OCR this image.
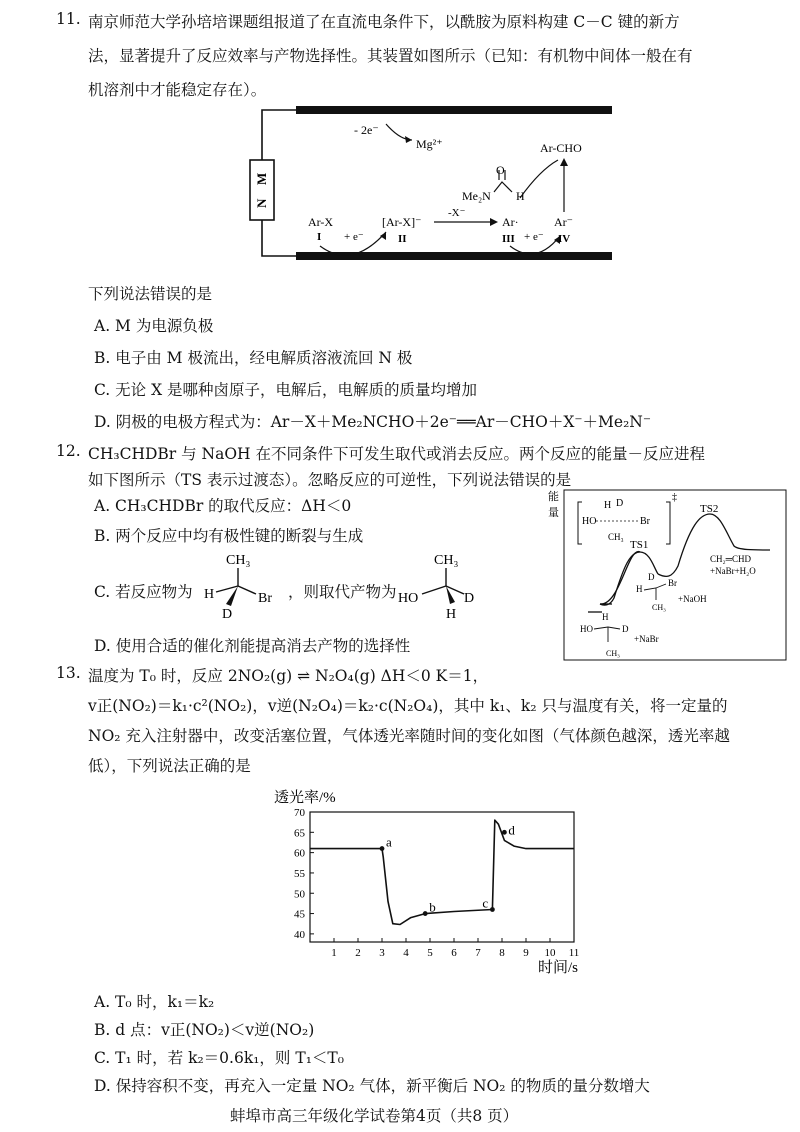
11. 南京师范大学孙培培课题组报道了在直流电条件下，以酰胺为原料构建 C－C 键的新方
法，显著提升了反应效率与产物选择性。其装置如图所示（已知：有机物中间体一般在有
机溶剂中才能稳定存在）。
M
N
- 2e⁻
Mg²⁺
Ar-X
I + e⁻
[Ar-X]⁻
II
-X⁻
Ar·
III + e⁻
Ar⁻
IV
Ar-CHO
Me₂N
O
H
下列说法错误的是
A. M 为电源负极
B. 电子由 M 极流出，经电解质溶液流回 N 极
C. 无论 X 是哪种卤原子，电解后，电解质的质量均增加
D. 阴极的电极方程式为：Ar－X＋Me₂NCHO＋2e⁻══Ar－CHO＋X⁻＋Me₂N⁻
12. CH₃CHDBr 与 NaOH 在不同条件下可发生取代或消去反应。两个反应的能量－反应进程
如下图所示（TS 表示过渡态）。忽略反应的可逆性，下列说法错误的是
A. CH₃CHDBr 的取代反应：ΔH＜0
B. 两个反应中均有极性键的断裂与生成
C. 若反应物为
CH₃
H
D
Br ，则取代产物为
CH₃
HO	D
H
D. 使用合适的催化剂能提高消去产物的选择性
能
量
HO
H D
Br
CH₃
‡
TS1
TS2
CH₂═CHD
+NaBr+H₂O
H
D
Br
CH₃
+NaOH
HO
H
D
CH₃
+NaBr
13. 温度为 T₀ 时，反应 2NO₂(g) ⇌ N₂O₄(g) ΔH＜0 K＝1，
v正(NO₂)＝k₁·c²(NO₂)，v逆(N₂O₄)＝k₂·c(N₂O₄)，其中 k₁、k₂ 只与温度有关，将一定量的
NO₂ 充入注射器中，改变活塞位置，气体透光率随时间的变化如图（气体颜色越深，透光率越
低），下列说法正确的是
透光率/%
时间/s
1 2 3 4 5 6 7 8 9 10 11
40
45
50
55
60
65
70
a
b	c
d
A. T₀ 时，k₁＝k₂
B. d 点：v正(NO₂)＜v逆(NO₂)
C. T₁ 时，若 k₂＝0.6k₁，则 T₁＜T₀
D. 保持容积不变，再充入一定量 NO₂ 气体，新平衡后 NO₂ 的物质的量分数增大
蚌埠市高三年级化学试卷第4页（共8 页）
